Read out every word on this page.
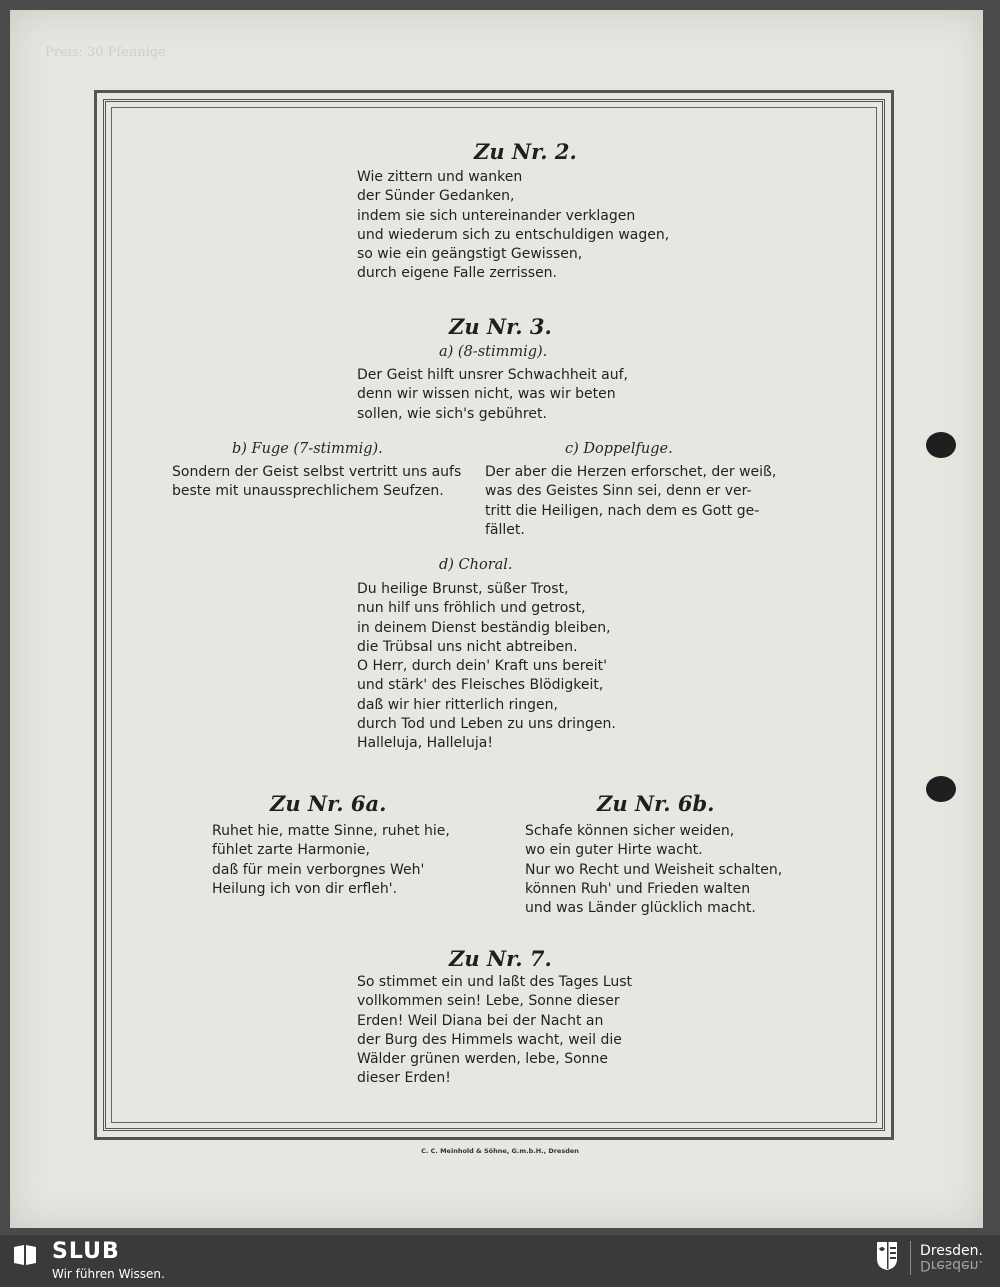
Preis: 30 Pfennige
Zu Nr. 2.
Wie zittern und wanken
der Sünder Gedanken,
indem sie sich untereinander verklagen
und wiederum sich zu entschuldigen wagen,
so wie ein geängstigt Gewissen,
durch eigene Falle zerrissen.
Zu Nr. 3.
a) (8-stimmig).
Der Geist hilft unsrer Schwachheit auf,
denn wir wissen nicht, was wir beten
sollen, wie sich's gebühret.
b) Fuge (7-stimmig).
Sondern der Geist selbst vertritt uns aufs
beste mit unaussprechlichem Seufzen.
c) Doppelfuge.
Der aber die Herzen erforschet, der weiß,
was des Geistes Sinn sei, denn er ver-
tritt die Heiligen, nach dem es Gott ge-
fället.
d) Choral.
Du heilige Brunst, süßer Trost,
nun hilf uns fröhlich und getrost,
in deinem Dienst beständig bleiben,
die Trübsal uns nicht abtreiben.
O Herr, durch dein' Kraft uns bereit'
und stärk' des Fleisches Blödigkeit,
daß wir hier ritterlich ringen,
durch Tod und Leben zu uns dringen.
Halleluja, Halleluja!
Zu Nr. 6a.
Ruhet hie, matte Sinne, ruhet hie,
fühlet zarte Harmonie,
daß für mein verborgnes Weh'
Heilung ich von dir erfleh'.
Zu Nr. 6b.
Schafe können sicher weiden,
wo ein guter Hirte wacht.
Nur wo Recht und Weisheit schalten,
können Ruh' und Frieden walten
und was Länder glücklich macht.
Zu Nr. 7.
So stimmet ein und laßt des Tages Lust
vollkommen sein! Lebe, Sonne dieser
Erden! Weil Diana bei der Nacht an
der Burg des Himmels wacht, weil die
Wälder grünen werden, lebe, Sonne
dieser Erden!
C. C. Meinhold & Söhne, G.m.b.H., Dresden
SLUB
Wir führen Wissen.
Dresden.
Dresden.
